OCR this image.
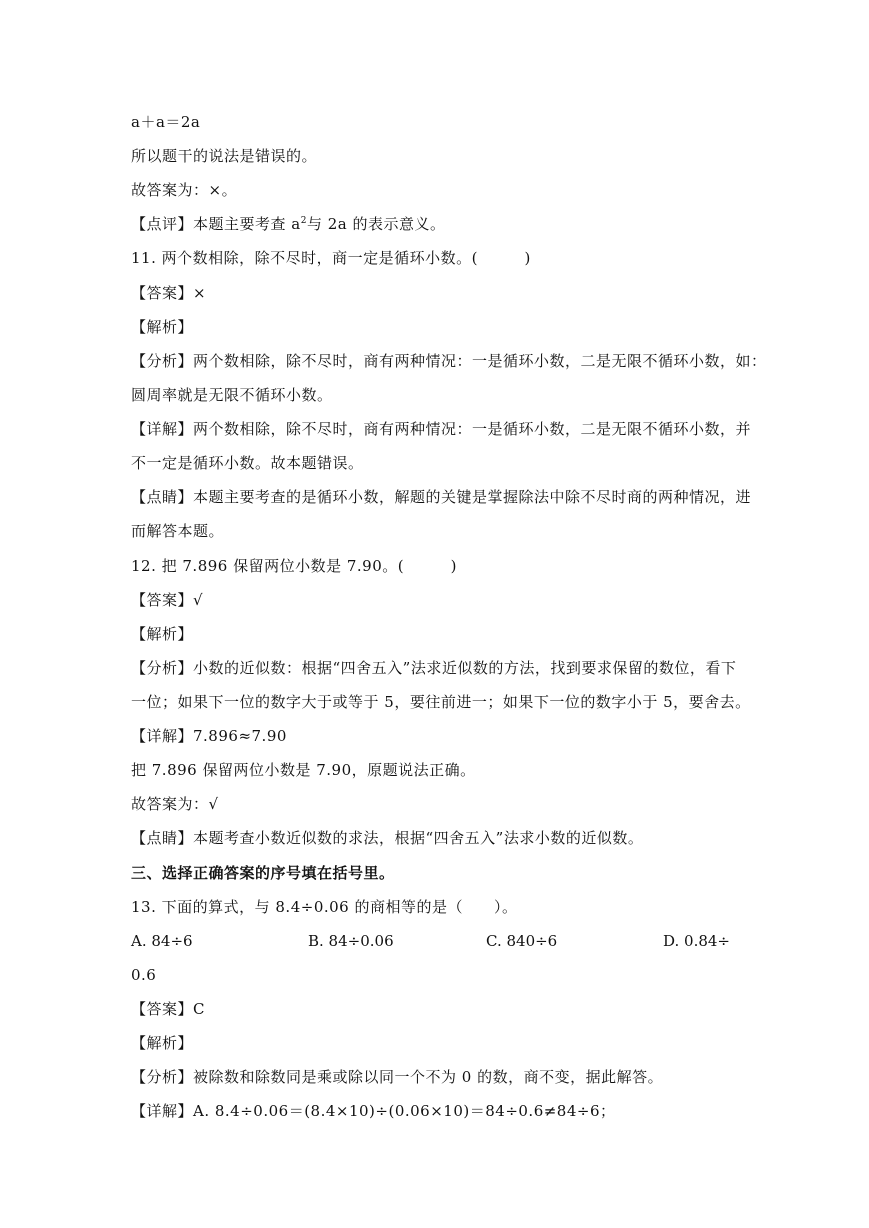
a＋a＝2a
所以题干的说法是错误的。
故答案为：×。
【点评】本题主要考查 $a^2$与 2a 的表示意义。
11. 两个数相除，除不尽时，商一定是循环小数。(　　　)
【答案】×
【解析】
【分析】两个数相除，除不尽时，商有两种情况：一是循环小数，二是无限不循环小数，如：
圆周率就是无限不循环小数。
【详解】两个数相除，除不尽时，商有两种情况：一是循环小数，二是无限不循环小数，并
不一定是循环小数。故本题错误。
【点睛】本题主要考查的是循环小数，解题的关键是掌握除法中除不尽时商的两种情况，进
而解答本题。
12. 把 7.896 保留两位小数是 7.90。(　　　)
【答案】√
【解析】
【分析】小数的近似数：根据“四舍五入”法求近似数的方法，找到要求保留的数位，看下
一位；如果下一位的数字大于或等于 5，要往前进一；如果下一位的数字小于 5，要舍去。
【详解】7.896≈7.90
把 7.896 保留两位小数是 7.90，原题说法正确。
故答案为：√
【点睛】本题考查小数近似数的求法，根据“四舍五入”法求小数的近似数。
三、选择正确答案的序号填在括号里。
13. 下面的算式，与 8.4÷0.06 的商相等的是（　　）。
A. 84÷6	B. 84÷0.06	C. 840÷6	D. 0.84÷
0.6
【答案】C
【解析】
【分析】被除数和除数同是乘或除以同一个不为 0 的数，商不变，据此解答。
【详解】A. 8.4÷0.06＝(8.4×10)÷(0.06×10)＝84÷0.6≠84÷6；
